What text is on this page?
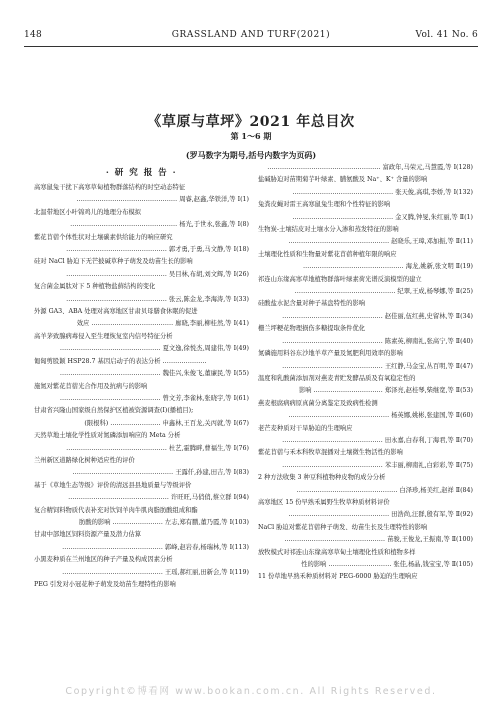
148	GRASSLAND AND TURF(2021)	Vol. 41 No. 6
《草原与草坪》2021 年总目次
第 1～6 期
(罗马数字为期号,括号内数字为页码)
· 研 究 报 告 ·
高寒鼠兔干扰下高寒草甸植物群落结构的时空动态特征
………………………………………… 周睿,赵鑫,华铁洋,等 Ⅰ(1)
北温带地区小叶锦鸡儿的地理分布模拟
…………………………………………… 杨光,于世永,张鑫,等 Ⅰ(8)
紫花苜蓿个体性状对土壤碳素供给能力的响应研究
………………………………………… 郭才勇,于勇,马文静,等 Ⅰ(18)
硅对 NaCl 胁迫下无芒披碱草种子萌发及幼苗生长的影响
………………………………………… 吴目林,布胡,刘文辉,等 Ⅰ(26)
复合菌金属肽对下 5 种植物盐藓结构的变化
………………………………………… 张云,陈金龙,李海涛,等 Ⅰ(33)
外源 GA3、ABA 处理对高寒地区甘肃贝母膳食休眠的促进
效应 ………………………………… 廊晓,李丽,柳桂然,等 Ⅰ(41)
高羊茅致腺病毒侵入至生理恢复室内信号特征分析
………………………………………… 夏文逸,徐悦杰,周建伟,等 Ⅰ(49)
匍匐剪股颖 HSP28.7 基因启动子的表达分析 …………………
………………………………………… 魏佳兴,朱俊飞,董廉民,等 Ⅰ(55)
施氮对紫花苜蓿光合作用及抗病与的影响
………………………………………… 曾文芳,李雀林,张晓宇,等 Ⅰ(61)
甘肃省兴隆山国家级自然保护区植被资源调查(Ⅰ)(播植目);
(限根科) …………………… 申鑫林,王百龙,关丙就,等 Ⅰ(67)
天然草地土壤化学性质对氮磷添加响应的 Meta 分析
………………………………………… 杜艺,霍腾畔,曹福生,等 Ⅰ(76)
兰州新区道路绿化树种适应性的评价
………………………………………… 王露仟,孙建,田吉,等 Ⅰ(83)
基于《草地生态等级》评价的清远县县地质量与等级评价
………………………………………… 许旺旺,马俏俏,蔡立群 Ⅰ(94)
复合精饲料物质代表补充对饮饲羊肉牛肌肉脂肪酸组成和酯
肪酸的影响 …………………… 左志,郑有鹏,董乃霞,等 Ⅰ(103)
甘肃中部地区饲料资源产量及潜力估算
………………………………………… 郭峰,赵岩春,杨瑞林,等 Ⅰ(113)
小黑麦种质在兰州地区的种子产量及构成因素分析
………………………………………… 王瑶,郝红丽,田新会,等 Ⅰ(119)
PEG 引发对小冠花种子萌发及幼苗生理特性的影响
……………………………………………… 富政年,马荣元,马慧霞,等 Ⅰ(128)
盐碱胁迫对苗期菊芋叶绿素、脯氨酸及 Na⁺、K⁺ 含量的影响
………………………………………… 张天俊,高琪,李娇,等 Ⅰ(132)
兔粪皮蝇对雷王高寒鼠兔生理和个性特征的影响
………………………………………… 金又腾,钟旻,朱红丽,等 Ⅱ(1)
生物炭-土壤结皮对土壤水分入渗和蒸发特征的影响
………………………………………… 赵晓乐,王璋,邓加振,等 Ⅱ(11)
土壤理化性质和生物量对紫花苜蓿种植年限的响应
………………………………………… 海龙,姚新,张文明 Ⅱ(19)
祁连山东缘高寒草地植物群落叶绿素荷光谱反演模型的建立
………………………………………… 纪翠,王成,杨琴娜,等 Ⅱ(25)
硅酸盐水泥含量对种子基盘特性的影响
………………………………………… 赵佳丽,伍红燕,史留林,等 Ⅱ(34)
栅兰坪粳花物理损伤多糖提取条件优化
………………………………………… 陈素英,柳南礼,张高宁,等 Ⅱ(40)
氮磷施用料谷东沙地羊草产量及氮肥利用效率的影响
………………………………………… 王红静,马金宝,丛百明,等 Ⅱ(47)
温度和乳酸菌添加剂对燕麦青贮发酵品质及有氧稳定性的
影响 …………………………… 郑泽亮,赵桂琴,柴继宽,等 Ⅱ(53)
燕麦根腐病病原真菌分离鉴定及致病性检测
………………………………………… 杨英娜,姚彬,张建国,等 Ⅱ(60)
老芒麦种质对干旱胁迫的生理响应
………………………………………… 田永嘉,白春利,丁海君,等 Ⅱ(70)
紫花苜蓿与禾本科牧草混播对土壤微生物活性的影响
………………………………………… 苯丰丽,柳南礼,白彩彩,等 Ⅱ(75)
2 种方法收集 3 种豆科植物种皮物的成分分析
………………………………………… 白泽珍,杨美红,赵祥 Ⅱ(84)
高寒地区 15 份早熟禾属野生牧草种质材料评价
………………………………………… 田浩尚,汪群,殷有军,等 Ⅱ(92)
NaCl 胁迫对紫花苜蓿种子萌发、幼苗生长及生理特性的影响
………………………………………… 苗骏,王俊龙,王振南,等 Ⅱ(100)
放牧模式对祁连山东缘高寒草甸土壤理化性质和植物多样
性的影响 ………………………… 张佳,杨晶,钱宝宝,等 Ⅱ(105)
11 份草地早熟禾种质材料对 PEG-6000 胁迫的生理响应
Copyright©博看网 www.bookan.com.cn. All Rights Reserved.
